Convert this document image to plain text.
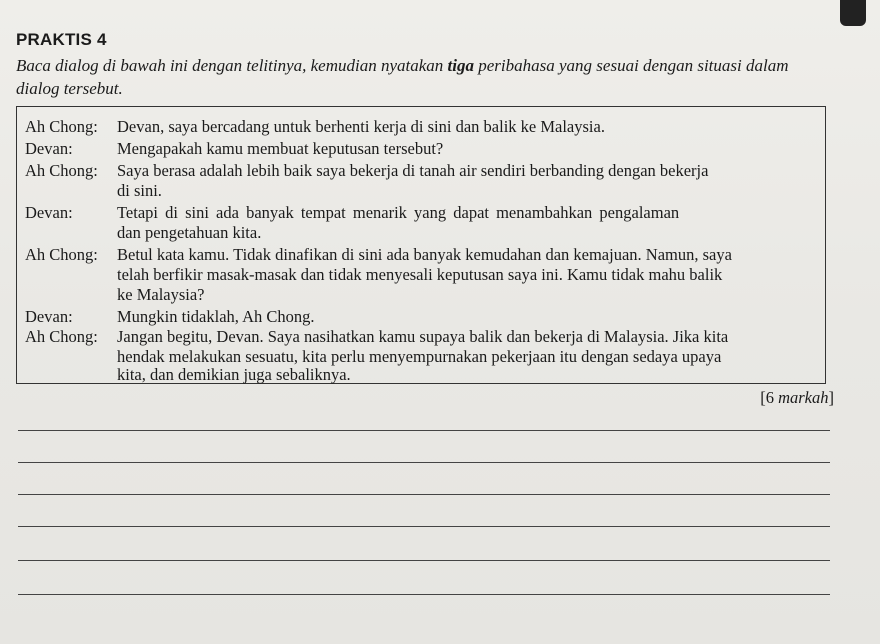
PRAKTIS 4
Baca dialog di bawah ini dengan telitinya, kemudian nyatakan tiga peribahasa yang sesuai dengan situasi dalam dialog tersebut.
Ah Chong: Devan, saya bercadang untuk berhenti kerja di sini dan balik ke Malaysia.
Devan:	Mengapakah kamu membuat keputusan tersebut?
Ah Chong: Saya berasa adalah lebih baik saya bekerja di tanah air sendiri berbanding dengan bekerja
di sini.
Devan:	Tetapi di sini ada banyak tempat menarik yang dapat menambahkan pengalaman
dan pengetahuan kita.
Ah Chong: Betul kata kamu. Tidak dinafikan di sini ada banyak kemudahan dan kemajuan. Namun, saya
telah berfikir masak-masak dan tidak menyesali keputusan saya ini. Kamu tidak mahu balik
ke Malaysia?
Devan:	Mungkin tidaklah, Ah Chong.
Ah Chong: Jangan begitu, Devan. Saya nasihatkan kamu supaya balik dan bekerja di Malaysia. Jika kita
hendak melakukan sesuatu, kita perlu menyempurnakan pekerjaan itu dengan sedaya upaya
kita, dan demikian juga sebaliknya.
[6 markah]
